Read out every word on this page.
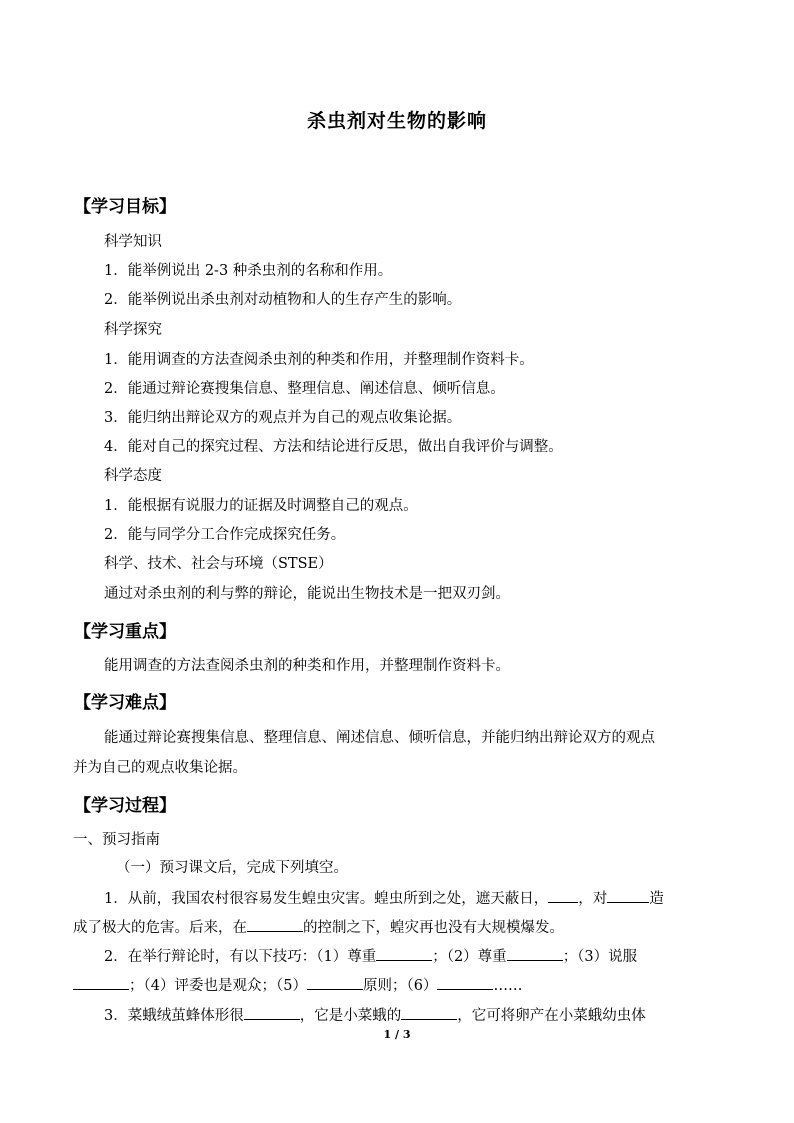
杀虫剂对生物的影响
【学习目标】
科学知识
1．能举例说出 2-3 种杀虫剂的名称和作用。
2．能举例说出杀虫剂对动植物和人的生存产生的影响。
科学探究
1．能用调查的方法查阅杀虫剂的种类和作用，并整理制作资料卡。
2．能通过辩论赛搜集信息、整理信息、阐述信息、倾听信息。
3．能归纳出辩论双方的观点并为自己的观点收集论据。
4．能对自己的探究过程、方法和结论进行反思，做出自我评价与调整。
科学态度
1．能根据有说服力的证据及时调整自己的观点。
2．能与同学分工合作完成探究任务。
科学、技术、社会与环境（STSE）
通过对杀虫剂的利与弊的辩论，能说出生物技术是一把双刃剑。
【学习重点】
能用调查的方法查阅杀虫剂的种类和作用，并整理制作资料卡。
【学习难点】
能通过辩论赛搜集信息、整理信息、阐述信息、倾听信息，并能归纳出辩论双方的观点
并为自己的观点收集论据。
【学习过程】
一、预习指南
（一）预习课文后，完成下列填空。
1．从前，我国农村很容易发生蝗虫灾害。蝗虫所到之处，遮天蔽日， ，对	造
成了极大的危害。后来，在	的控制之下，蝗灾再也没有大规模爆发。
2．在举行辩论时，有以下技巧：（1）尊重	；（2）尊重	；（3）说服
；（4）评委也是观众；（5）	原则；（6）	……
3．菜蛾绒茧蜂体形很	，它是小菜蛾的	，它可将卵产在小菜蛾幼虫体
1 / 3
